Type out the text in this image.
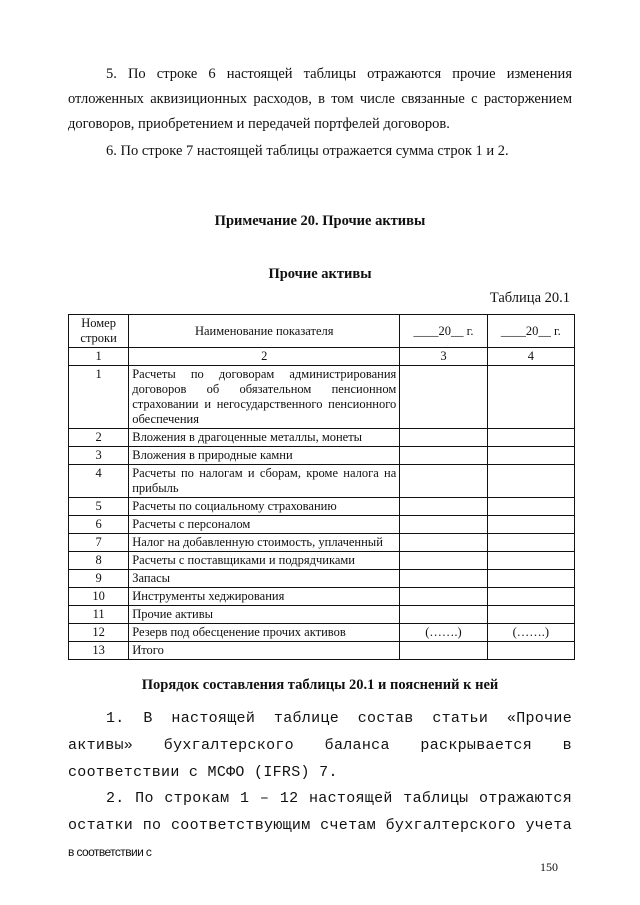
5. По строке 6 настоящей таблицы отражаются прочие изменения отложенных аквизиционных расходов, в том числе связанные с расторжением договоров, приобретением и передачей портфелей договоров.

6. По строке 7 настоящей таблицы отражается сумма строк 1 и 2.

Примечание 20. Прочие активы

Прочие активы

Таблица 20.1

Номер строки	Наименование показателя	____20__ г.	____20__ г.
1	2	3	4
1	Расчеты по договорам администрирования договоров об обязательном пенсионном страховании и негосударственного пенсионного обеспечения		
2	Вложения в драгоценные металлы, монеты		
3	Вложения в природные камни		
4	Расчеты по налогам и сборам, кроме налога на прибыль		
5	Расчеты по социальному страхованию		
6	Расчеты с персоналом		
7	Налог на добавленную стоимость, уплаченный		
8	Расчеты с поставщиками и подрядчиками		
9	Запасы		
10	Инструменты хеджирования		
11	Прочие активы		
12	Резерв под обесценение прочих активов	(…….)	(…….)
13	Итого		

Порядок составления таблицы 20.1 и пояснений к ней

1. В настоящей таблице состав статьи «Прочие активы» бухгалтерского баланса раскрывается в соответствии с МСФО (IFRS) 7.

2. По строкам 1 – 12 настоящей таблицы отражаются остатки по соответствующим счетам бухгалтерского учета в соответствии с

150
